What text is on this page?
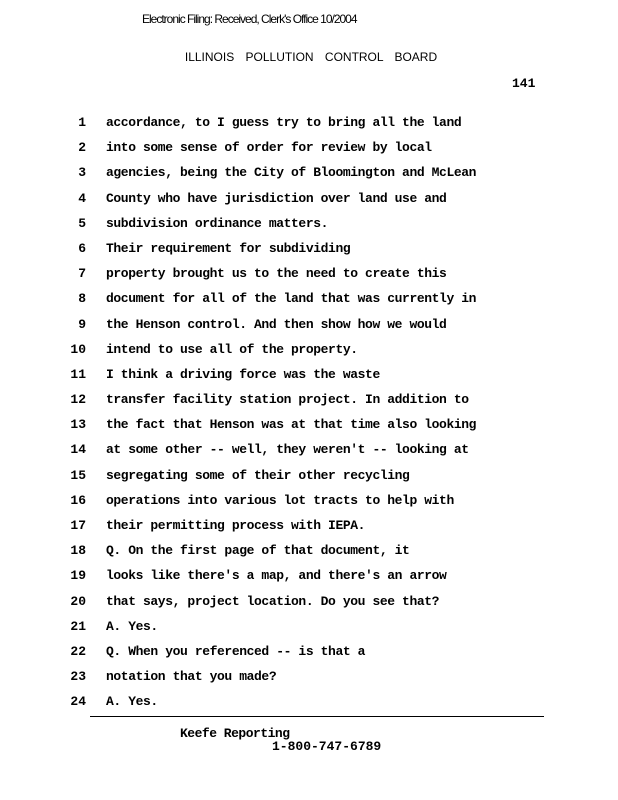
Electronic Filing: Received, Clerk's Office 10/2004
ILLINOIS POLLUTION CONTROL BOARD
141
1 accordance, to I guess try to bring all the land
2 into some sense of order for review by local
3 agencies, being the City of Bloomington and McLean
4 County who have jurisdiction over land use and
5 subdivision ordinance matters.
6 Their requirement for subdividing
7 property brought us to the need to create this
8 document for all of the land that was currently in
9 the Henson control. And then show how we would
10 intend to use all of the property.
11 I think a driving force was the waste
12 transfer facility station project. In addition to
13 the fact that Henson was at that time also looking
14 at some other -- well, they weren't -- looking at
15 segregating some of their other recycling
16 operations into various lot tracts to help with
17 their permitting process with IEPA.
18 Q. On the first page of that document, it
19 looks like there's a map, and there's an arrow
20 that says, project location. Do you see that?
21 A. Yes.
22 Q. When you referenced -- is that a
23 notation that you made?
24 A. Yes.
Keefe Reporting
1-800-747-6789
